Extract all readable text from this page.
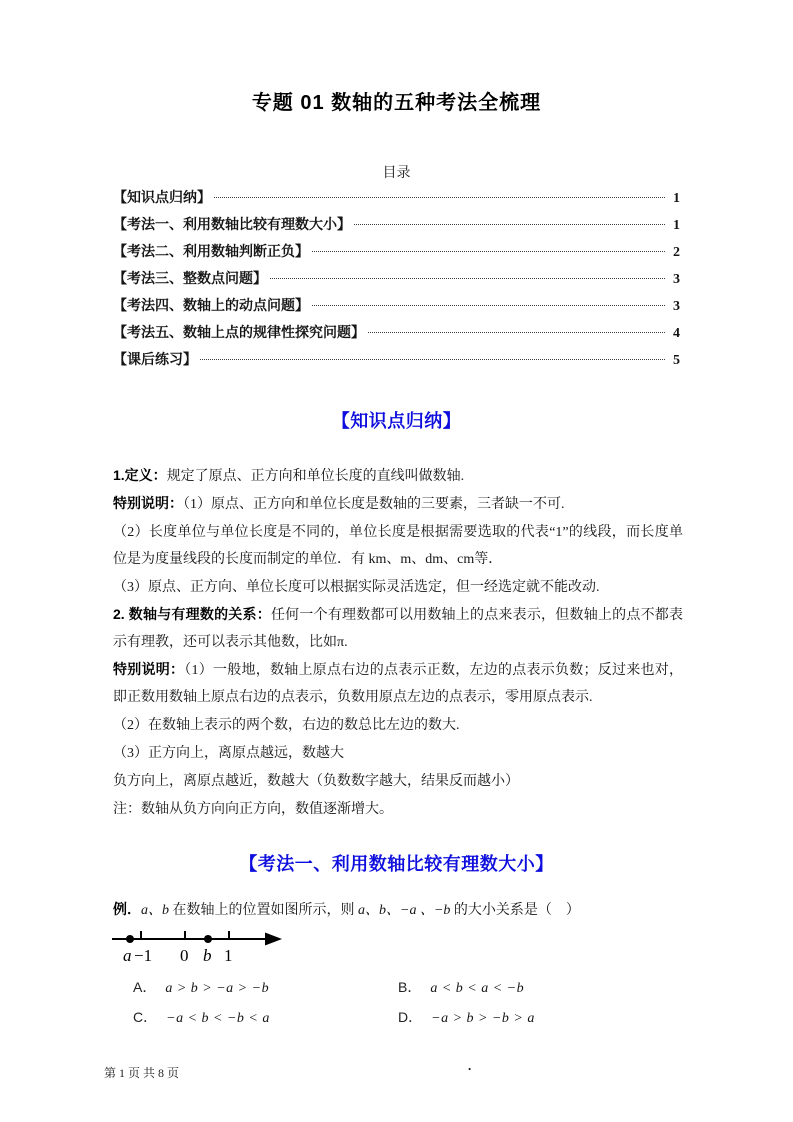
专题 01 数轴的五种考法全梳理
目录
【知识点归纳】	1
【考法一、利用数轴比较有理数大小】	1
【考法二、利用数轴判断正负】	2
【考法三、整数点问题】	3
【考法四、数轴上的动点问题】	3
【考法五、数轴上点的规律性探究问题】	4
【课后练习】	5
【知识点归纳】

1.定义：规定了原点、正方向和单位长度的直线叫做数轴.

特别说明：（1）原点、正方向和单位长度是数轴的三要素，三者缺一不可.

（2）长度单位与单位长度是不同的，单位长度是根据需要选取的代表“1”的线段，而长度单位是为度量线段的长度而制定的单位．有 km、m、dm、cm等．

（3）原点、正方向、单位长度可以根据实际灵活选定，但一经选定就不能改动.

2. 数轴与有理数的关系：任何一个有理数都可以用数轴上的点来表示，但数轴上的点不都表示有理教，还可以表示其他数，比如π.

特别说明：（1）一般地，数轴上原点右边的点表示正数，左边的点表示负数；反过来也对，即正数用数轴上原点右边的点表示，负数用原点左边的点表示，零用原点表示.

（2）在数轴上表示的两个数，右边的数总比左边的数大.

（3）正方向上，离原点越远，数越大

负方向上，离原点越近，数越大（负数数字越大，结果反而越小）

注：数轴从负方向向正方向，数值逐渐增大。

【考法一、利用数轴比较有理数大小】
例．a、b 在数轴上的位置如图所示，则 a、b、−a 、−b 的大小关系是（　）
a −1 0 b 1
A． a > b > −a > −b	B． a < b < a < −b
C． −a < b < −b < a	D． −a > b > −b > a
第 1 页 共 8 页	.
